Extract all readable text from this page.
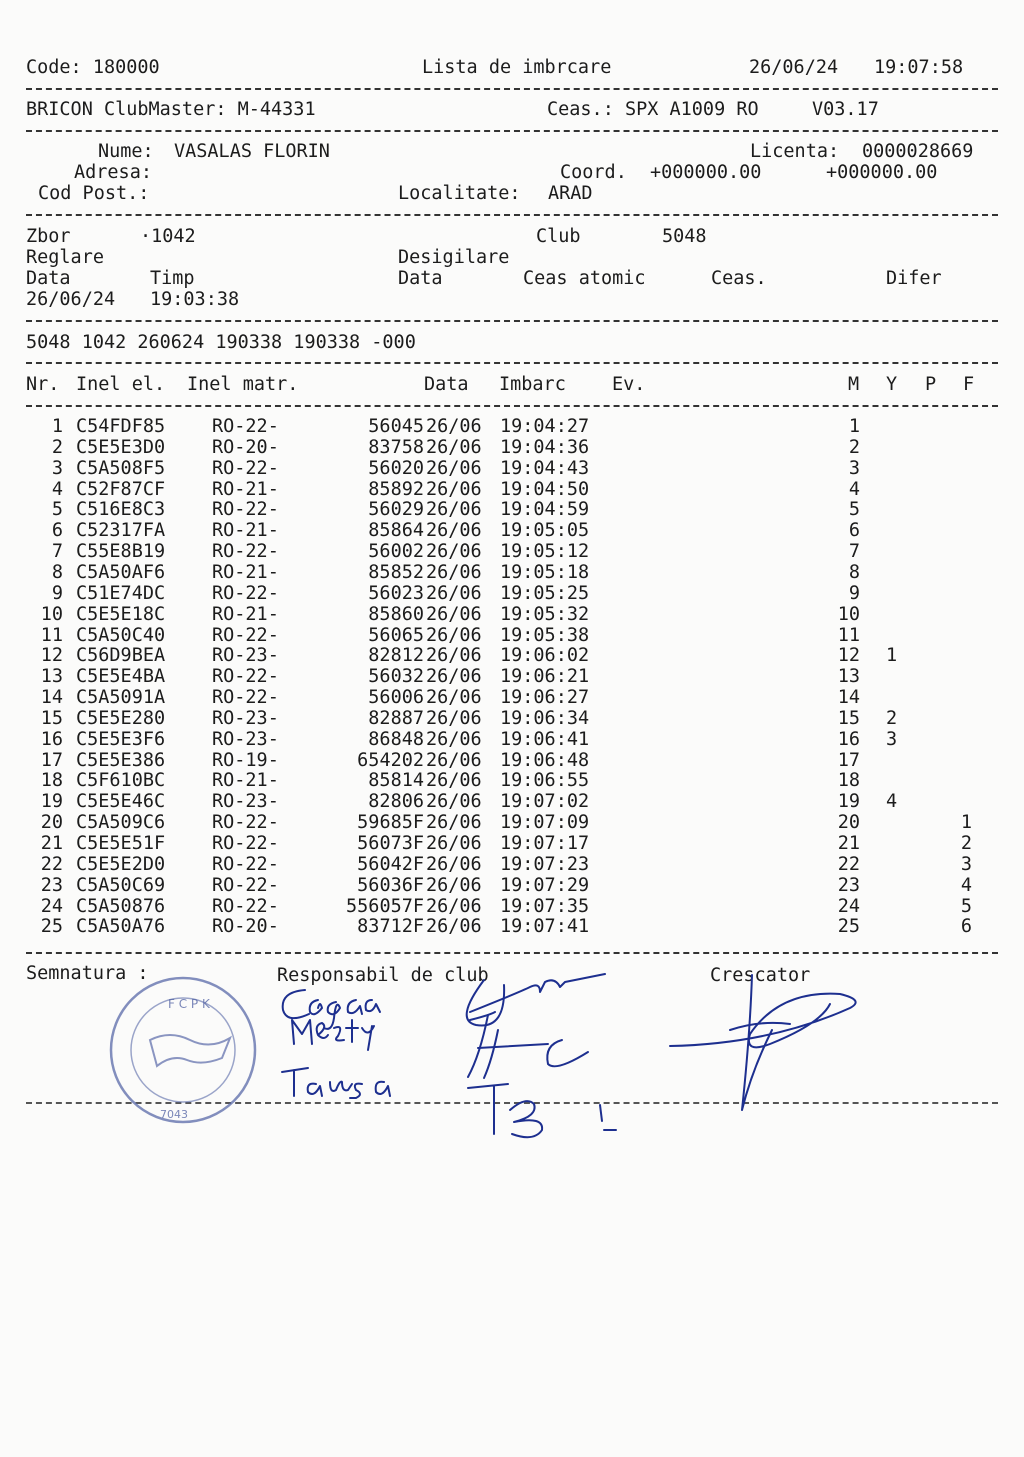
Code: 180000	Lista de imbrcare	26/06/24 19:07:58
BRICON ClubMaster: M-44331	Ceas.: SPX A1009 RO	V03.17
Nume: VASALAS FLORIN	Licenta: 0000028669
Adresa:	Coord. +000000.00	+000000.00
Cod Post.:	Localitate: ARAD
Zbor	·1042	Club	5048
Reglare	Desigilare
Data	Timp	Data	Ceas atomic	Ceas.	Difer
26/06/24 19:03:38
5048 1042 260624 190338 190338 -000
Nr. Inel el. Inel matr.	Data Imbarc Ev.	M Y P F
1 C54FDF85	RO-22-	56045 26/06 19:04:27	1
2 C5E5E3D0	RO-20-	83758 26/06 19:04:36	2
3 C5A508F5	RO-22-	56020 26/06 19:04:43	3
4 C52F87CF	RO-21-	85892 26/06 19:04:50	4
5 C516E8C3	RO-22-	56029 26/06 19:04:59	5
6 C52317FA	RO-21-	85864 26/06 19:05:05	6
7 C55E8B19	RO-22-	56002 26/06 19:05:12	7
8 C5A50AF6	RO-21-	85852 26/06 19:05:18	8
9 C51E74DC	RO-22-	56023 26/06 19:05:25	9
10 C5E5E18C	RO-21-	85860 26/06 19:05:32	10
11 C5A50C40	RO-22-	56065 26/06 19:05:38	11
12 C56D9BEA	RO-23-	82812 26/06 19:06:02	12 1
13 C5E5E4BA	RO-22-	56032 26/06 19:06:21	13
14 C5A5091A	RO-22-	56006 26/06 19:06:27	14
15 C5E5E280	RO-23-	82887 26/06 19:06:34	15 2
16 C5E5E3F6	RO-23-	86848 26/06 19:06:41	16 3
17 C5E5E386	RO-19-	654202 26/06 19:06:48	17
18 C5F610BC	RO-21-	85814 26/06 19:06:55	18
19 C5E5E46C	RO-23-	82806 26/06 19:07:02	19 4
20 C5A509C6	RO-22-	59685F 26/06 19:07:09	20	1
21 C5E5E51F	RO-22-	56073F 26/06 19:07:17	21	2
22 C5E5E2D0	RO-22-	56042F 26/06 19:07:23	22	3
23 C5A50C69	RO-22-	56036F 26/06 19:07:29	23	4
24 C5A50876	RO-22-	556057F 26/06 19:07:35	24	5
25 C5A50A76	RO-20-	83712F 26/06 19:07:41	25	6
Semnatura :	Responsabil de club	Crescator
F C P K
7043
